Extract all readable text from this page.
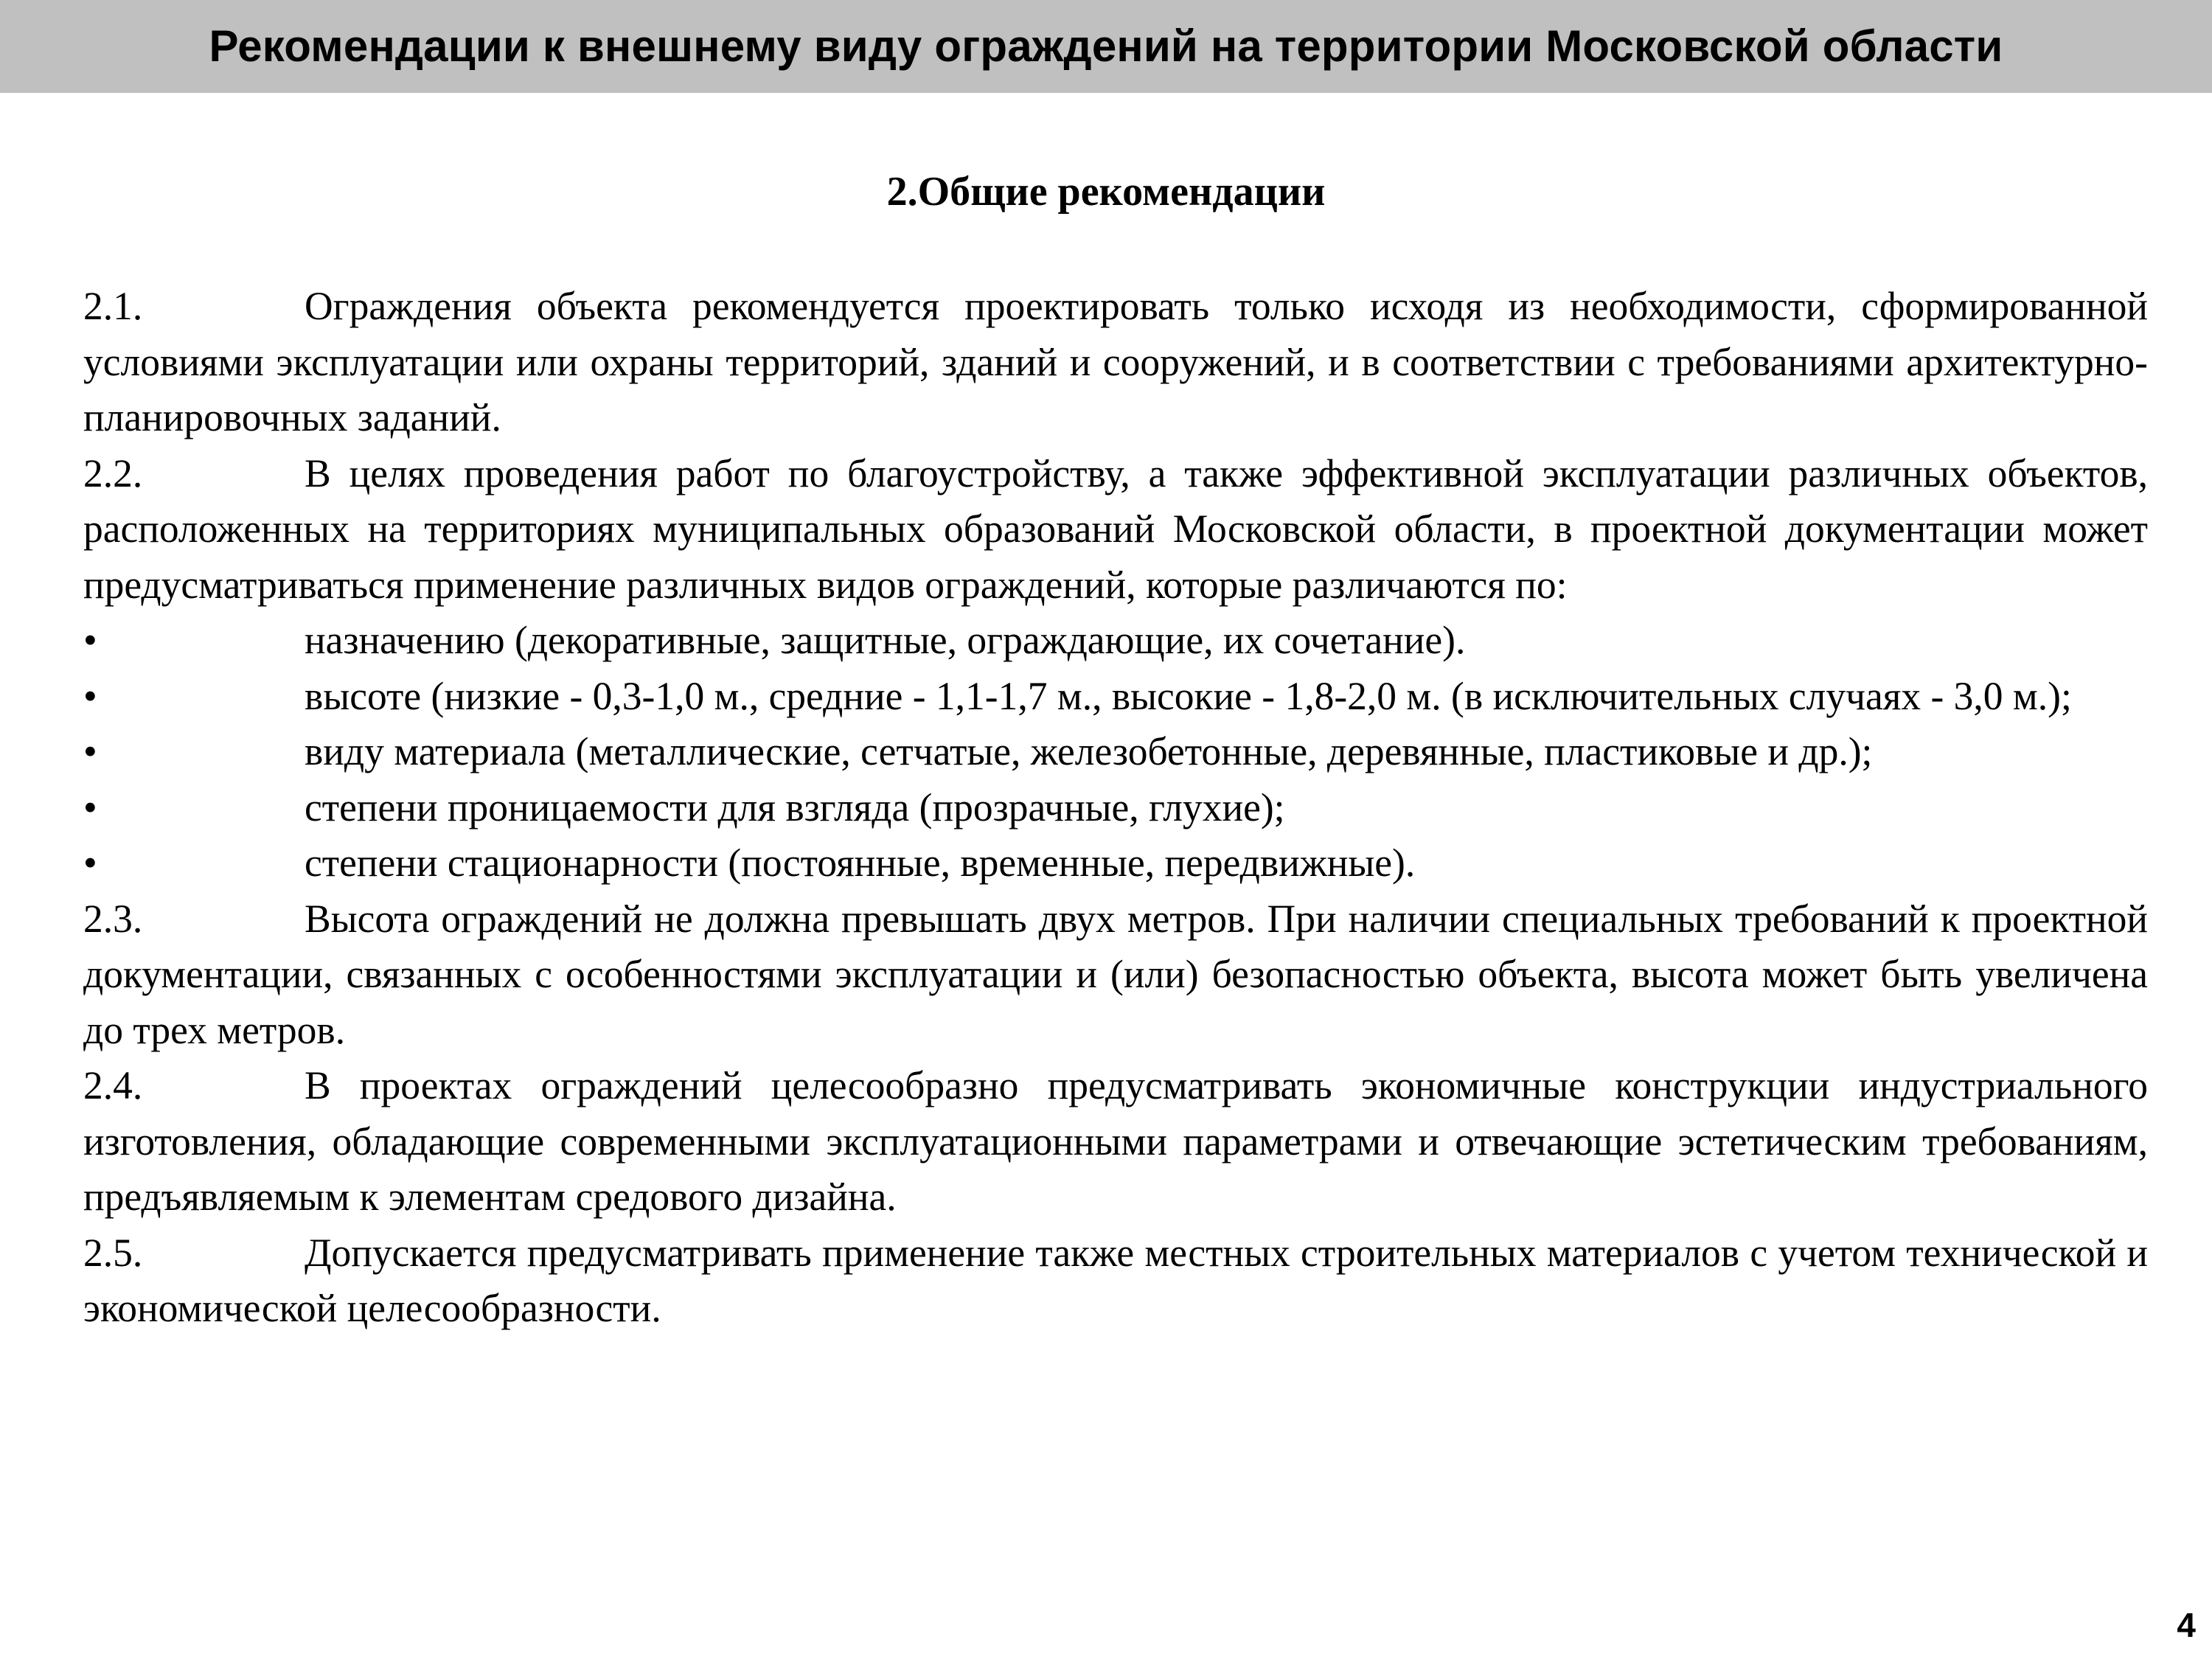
Рекомендации к внешнему виду ограждений на территории Московской области
2.Общие рекомендации
2.1.	Ограждения объекта рекомендуется проектировать только исходя из необходимости, сформированной условиями эксплуатации или охраны территорий, зданий и сооружений, и в соответствии с требованиями архитектурно-планировочных заданий.
2.2.	В целях проведения работ по благоустройству, а также эффективной эксплуатации различных объектов, расположенных на территориях муниципальных образований Московской области, в проектной документации может предусматриваться применение различных видов ограждений, которые различаются по:
•	назначению (декоративные, защитные, ограждающие, их сочетание).
•	высоте (низкие - 0,3-1,0 м., средние - 1,1-1,7 м., высокие - 1,8-2,0 м. (в исключительных случаях - 3,0 м.);
•	виду материала (металлические, сетчатые, железобетонные, деревянные, пластиковые и др.);
•	степени проницаемости для взгляда (прозрачные, глухие);
•	степени стационарности (постоянные, временные, передвижные).
2.3.	Высота ограждений не должна превышать двух метров. При наличии специальных требований к проектной документации, связанных с особенностями эксплуатации и (или) безопасностью объекта, высота может быть увеличена до трех метров.
2.4.	В проектах ограждений целесообразно предусматривать экономичные конструкции индустриального изготовления, обладающие современными эксплуатационными параметрами и отвечающие эстетическим требованиям, предъявляемым к элементам средового дизайна.
2.5.	Допускается предусматривать применение также местных строительных материалов с учетом технической и экономической целесообразности.
4
